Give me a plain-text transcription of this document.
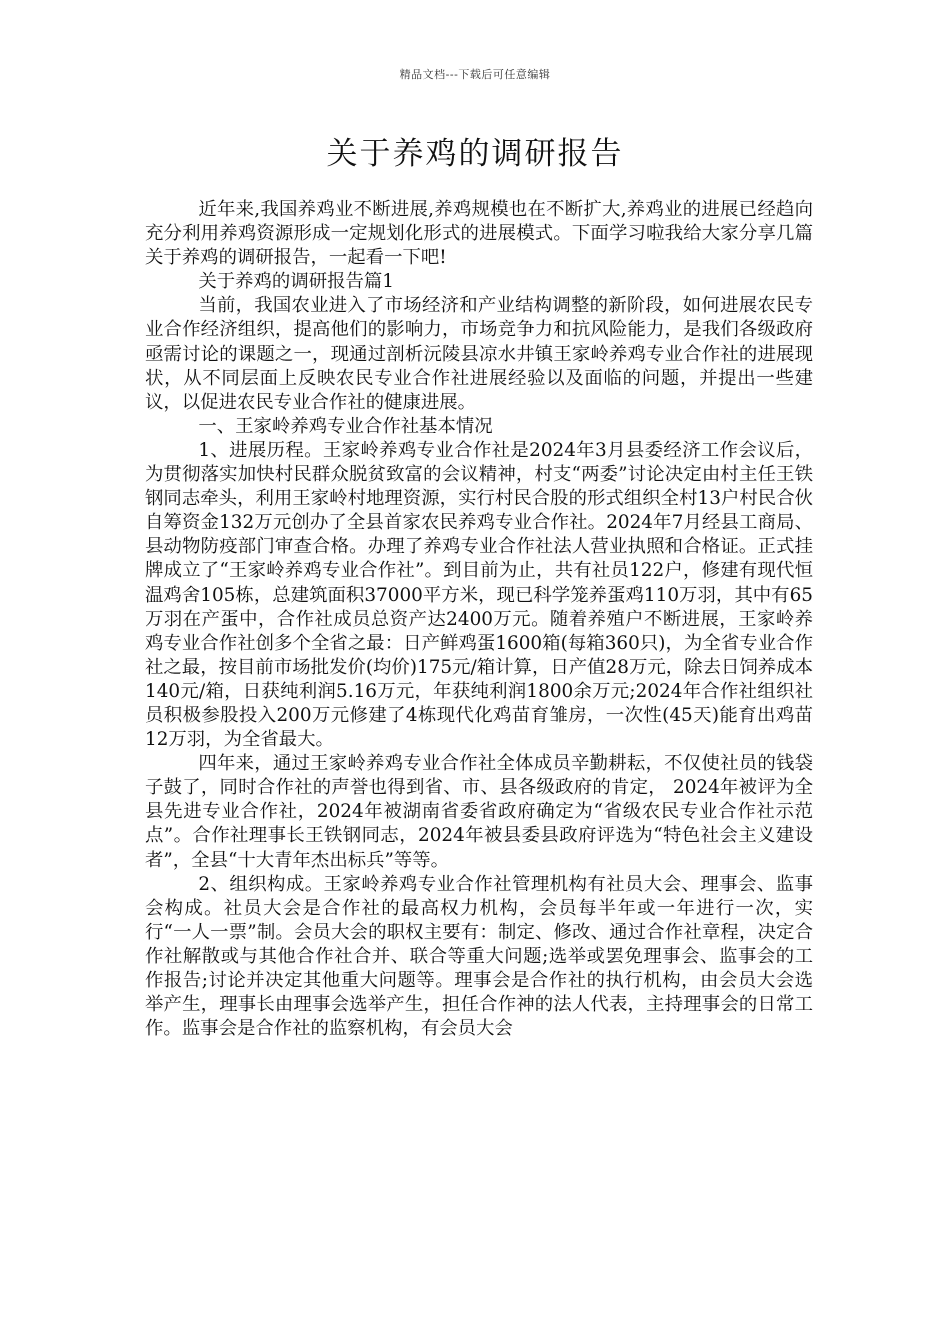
精品文档---下载后可任意编辑
关于养鸡的调研报告

近年来,我国养鸡业不断进展,养鸡规模也在不断扩大,养鸡业的进展已经趋向充分利用养鸡资源形成一定规划化形式的进展模式。下面学习啦我给大家分享几篇关于养鸡的调研报告，一起看一下吧!

关于养鸡的调研报告篇1

当前，我国农业进入了市场经济和产业结构调整的新阶段，如何进展农民专业合作经济组织，提高他们的影响力，市场竞争力和抗风险能力，是我们各级政府亟需讨论的课题之一，现通过剖析沅陵县凉水井镇王家岭养鸡专业合作社的进展现状，从不同层面上反映农民专业合作社进展经验以及面临的问题，并提出一些建议，以促进农民专业合作社的健康进展。

一、王家岭养鸡专业合作社基本情况

1、进展历程。王家岭养鸡专业合作社是2024年3月县委经济工作会议后，为贯彻落实加快村民群众脱贫致富的会议精神，村支“两委”讨论决定由村主任王铁钢同志牵头，利用王家岭村地理资源，实行村民合股的形式组织全村13户村民合伙自筹资金132万元创办了全县首家农民养鸡专业合作社。2024年7月经县工商局、县动物防疫部门审查合格。办理了养鸡专业合作社法人营业执照和合格证。正式挂牌成立了“王家岭养鸡专业合作社”。到目前为止，共有社员122户，修建有现代恒温鸡舍105栋，总建筑面积37000平方米，现已科学笼养蛋鸡110万羽，其中有65万羽在产蛋中，合作社成员总资产达2400万元。随着养殖户不断进展，王家岭养鸡专业合作社创多个全省之最：日产鲜鸡蛋1600箱(每箱360只)，为全省专业合作社之最，按目前市场批发价(均价)175元/箱计算，日产值28万元，除去日饲养成本140元/箱，日获纯利润5.16万元，年获纯利润1800余万元;2024年合作社组织社员积极参股投入200万元修建了4栋现代化鸡苗育雏房，一次性(45天)能育出鸡苗12万羽，为全省最大。

四年来，通过王家岭养鸡专业合作社全体成员辛勤耕耘，不仅使社员的钱袋子鼓了，同时合作社的声誉也得到省、市、县各级政府的肯定， 2024年被评为全县先进专业合作社，2024年被湖南省委省政府确定为“省级农民专业合作社示范点”。合作社理事长王铁钢同志，2024年被县委县政府评选为“特色社会主义建设者”，全县“十大青年杰出标兵”等等。

2、组织构成。王家岭养鸡专业合作社管理机构有社员大会、理事会、监事会构成。社员大会是合作社的最高权力机构，会员每半年或一年进行一次，实行“一人一票”制。会员大会的职权主要有：制定、修改、通过合作社章程，决定合作社解散或与其他合作社合并、联合等重大问题;选举或罢免理事会、监事会的工作报告;讨论并决定其他重大问题等。理事会是合作社的执行机构，由会员大会选举产生，理事长由理事会选举产生，担任合作神的法人代表，主持理事会的日常工作。监事会是合作社的监察机构，有会员大会
